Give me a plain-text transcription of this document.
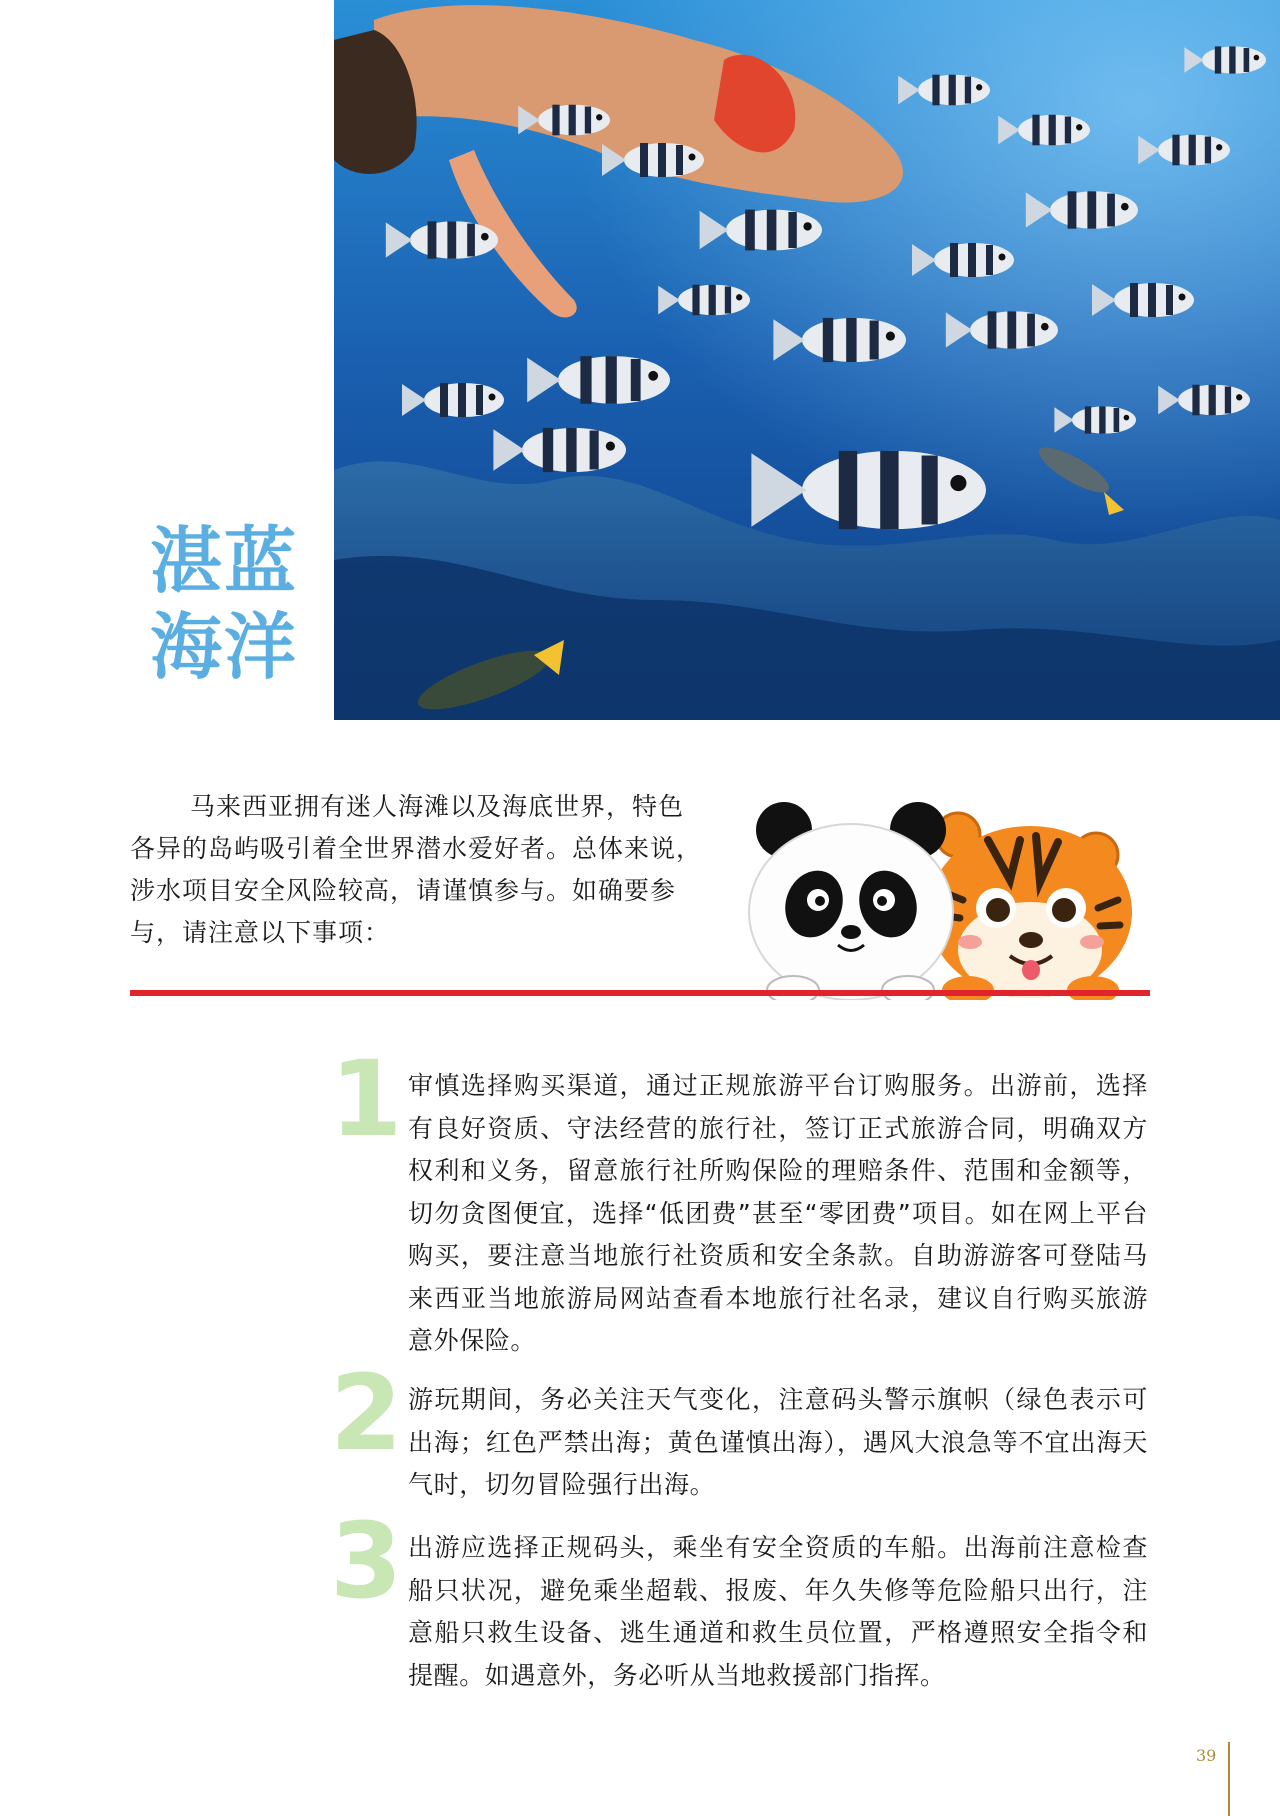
湛蓝
海洋

马来西亚拥有迷人海滩以及海底世界，特色各异的岛屿吸引着全世界潜水爱好者。总体来说，涉水项目安全风险较高，请谨慎参与。如确要参与，请注意以下事项：

1 审慎选择购买渠道，通过正规旅游平台订购服务。出游前，选择有良好资质、守法经营的旅行社，签订正式旅游合同，明确双方权利和义务，留意旅行社所购保险的理赔条件、范围和金额等，切勿贪图便宜，选择“低团费”甚至“零团费”项目。如在网上平台购买，要注意当地旅行社资质和安全条款。自助游游客可登陆马来西亚当地旅游局网站查看本地旅行社名录，建议自行购买旅游意外保险。

2 游玩期间，务必关注天气变化，注意码头警示旗帜（绿色表示可出海；红色严禁出海；黄色谨慎出海），遇风大浪急等不宜出海天气时，切勿冒险强行出海。

3 出游应选择正规码头，乘坐有安全资质的车船。出海前注意检查船只状况，避免乘坐超载、报废、年久失修等危险船只出行，注意船只救生设备、逃生通道和救生员位置，严格遵照安全指令和提醒。如遇意外，务必听从当地救援部门指挥。

39
